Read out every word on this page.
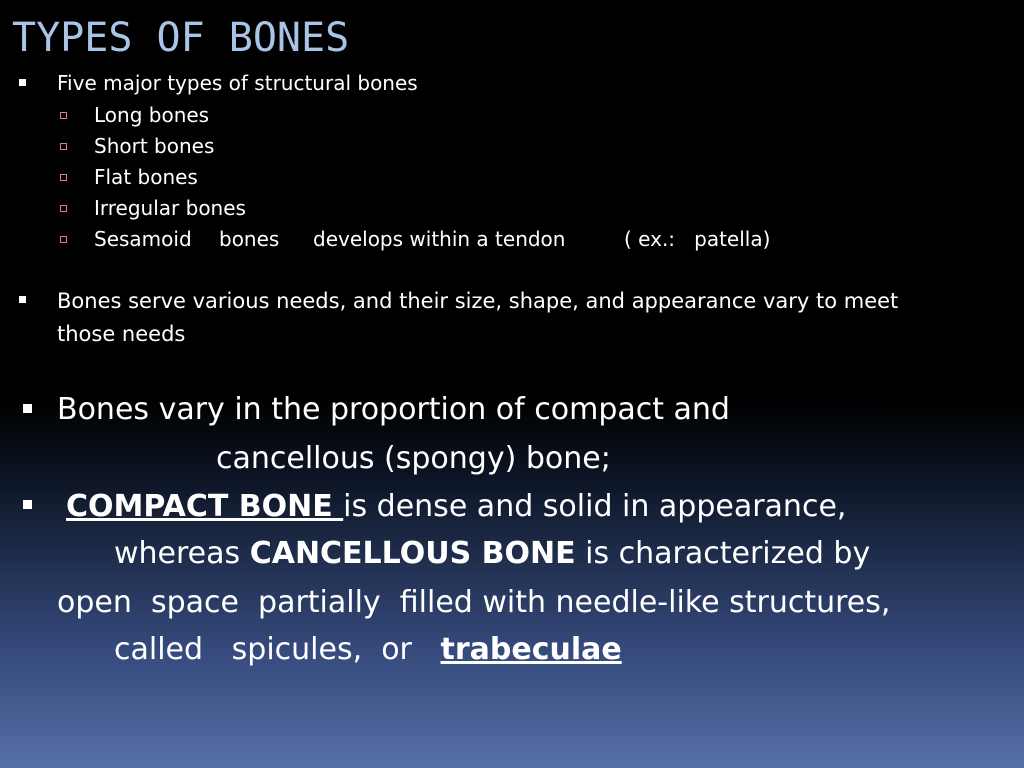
TYPES OF BONES
Five major types of structural bones
Long bones
Short bones
Flat bones
Irregular bones
Sesamoid bones develops within a tendon	( ex.:   patella)
Bones serve various needs, and their size, shape, and appearance vary to meet
those needs
Bones vary in the proportion of compact and
cancellous (spongy) bone;
COMPACT BONE is dense and solid in appearance,
whereas CANCELLOUS BONE is characterized by
open  space  partially  filled with needle-like structures,
called   spicules,  or   trabeculae
